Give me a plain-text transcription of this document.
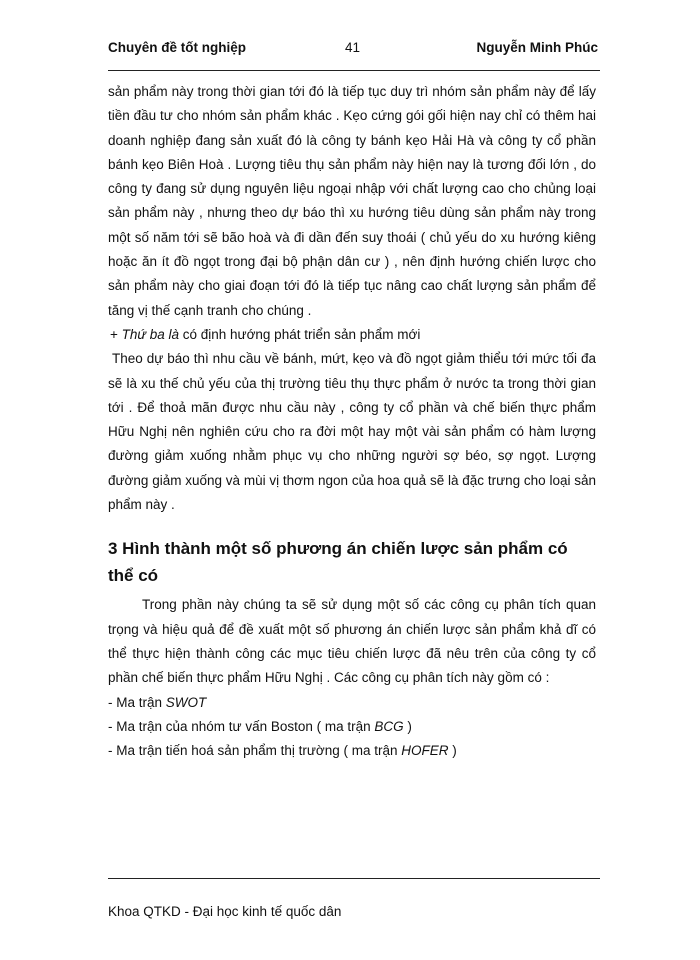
Chuyên đề tốt nghiệp	41	Nguyễn Minh Phúc

sản phẩm này trong thời gian tới đó là tiếp tục duy trì nhóm sản phẩm này để lấy tiền đầu tư cho nhóm sản phẩm khác . Kẹo cứng gói gối hiện nay chỉ có thêm hai doanh nghiệp đang sản xuất đó là công ty bánh kẹo Hải Hà và công ty cổ phần bánh kẹo Biên Hoà . Lượng tiêu thụ sản phẩm này hiện nay là tương đối lớn , do công ty đang sử dụng nguyên liệu ngoại nhập với chất lượng cao cho chủng loại sản phẩm này , nhưng theo dự báo thì xu hướng tiêu dùng sản phẩm này trong một số năm tới sẽ bão hoà và đi dần đến suy thoái ( chủ yếu do xu hướng kiêng hoặc ăn ít đồ ngọt trong đại bộ phận dân cư ) , nên định hướng chiến lược cho sản phẩm này cho giai đoạn tới đó là tiếp tục nâng cao chất lượng sản phẩm để tăng vị thế cạnh tranh cho chúng .

+ Thứ ba là có định hướng phát triển sản phẩm mới

Theo dự báo thì nhu cầu về bánh, mứt, kẹo và đồ ngọt giảm thiểu tới mức tối đa sẽ là xu thế chủ yếu của thị trường tiêu thụ thực phẩm ở nước ta trong thời gian tới . Để thoả mãn được nhu cầu này , công ty cổ phần và chế biến thực phẩm Hữu Nghị nên nghiên cứu cho ra đời một hay một vài sản phẩm có hàm lượng đường giảm xuống nhằm phục vụ cho những người sợ béo, sợ ngọt. Lượng đường giảm xuống và mùi vị thơm ngon của hoa quả sẽ là đặc trưng cho loại sản phẩm này .

3 Hình thành một số phương án chiến lược sản phẩm có thể có

Trong phần này chúng ta sẽ sử dụng một số các công cụ phân tích quan trọng và hiệu quả để đề xuất một số phương án chiến lược sản phẩm khả dĩ có thể thực hiện thành công các mục tiêu chiến lược đã nêu trên của công ty cổ phần chế biến thực phẩm Hữu Nghị . Các công cụ phân tích này gồm có :

- Ma trận SWOT

- Ma trận của nhóm tư vấn Boston ( ma trận BCG )

- Ma trận tiến hoá sản phẩm thị trường ( ma trận HOFER )

Khoa QTKD - Đại học kinh tế quốc dân
